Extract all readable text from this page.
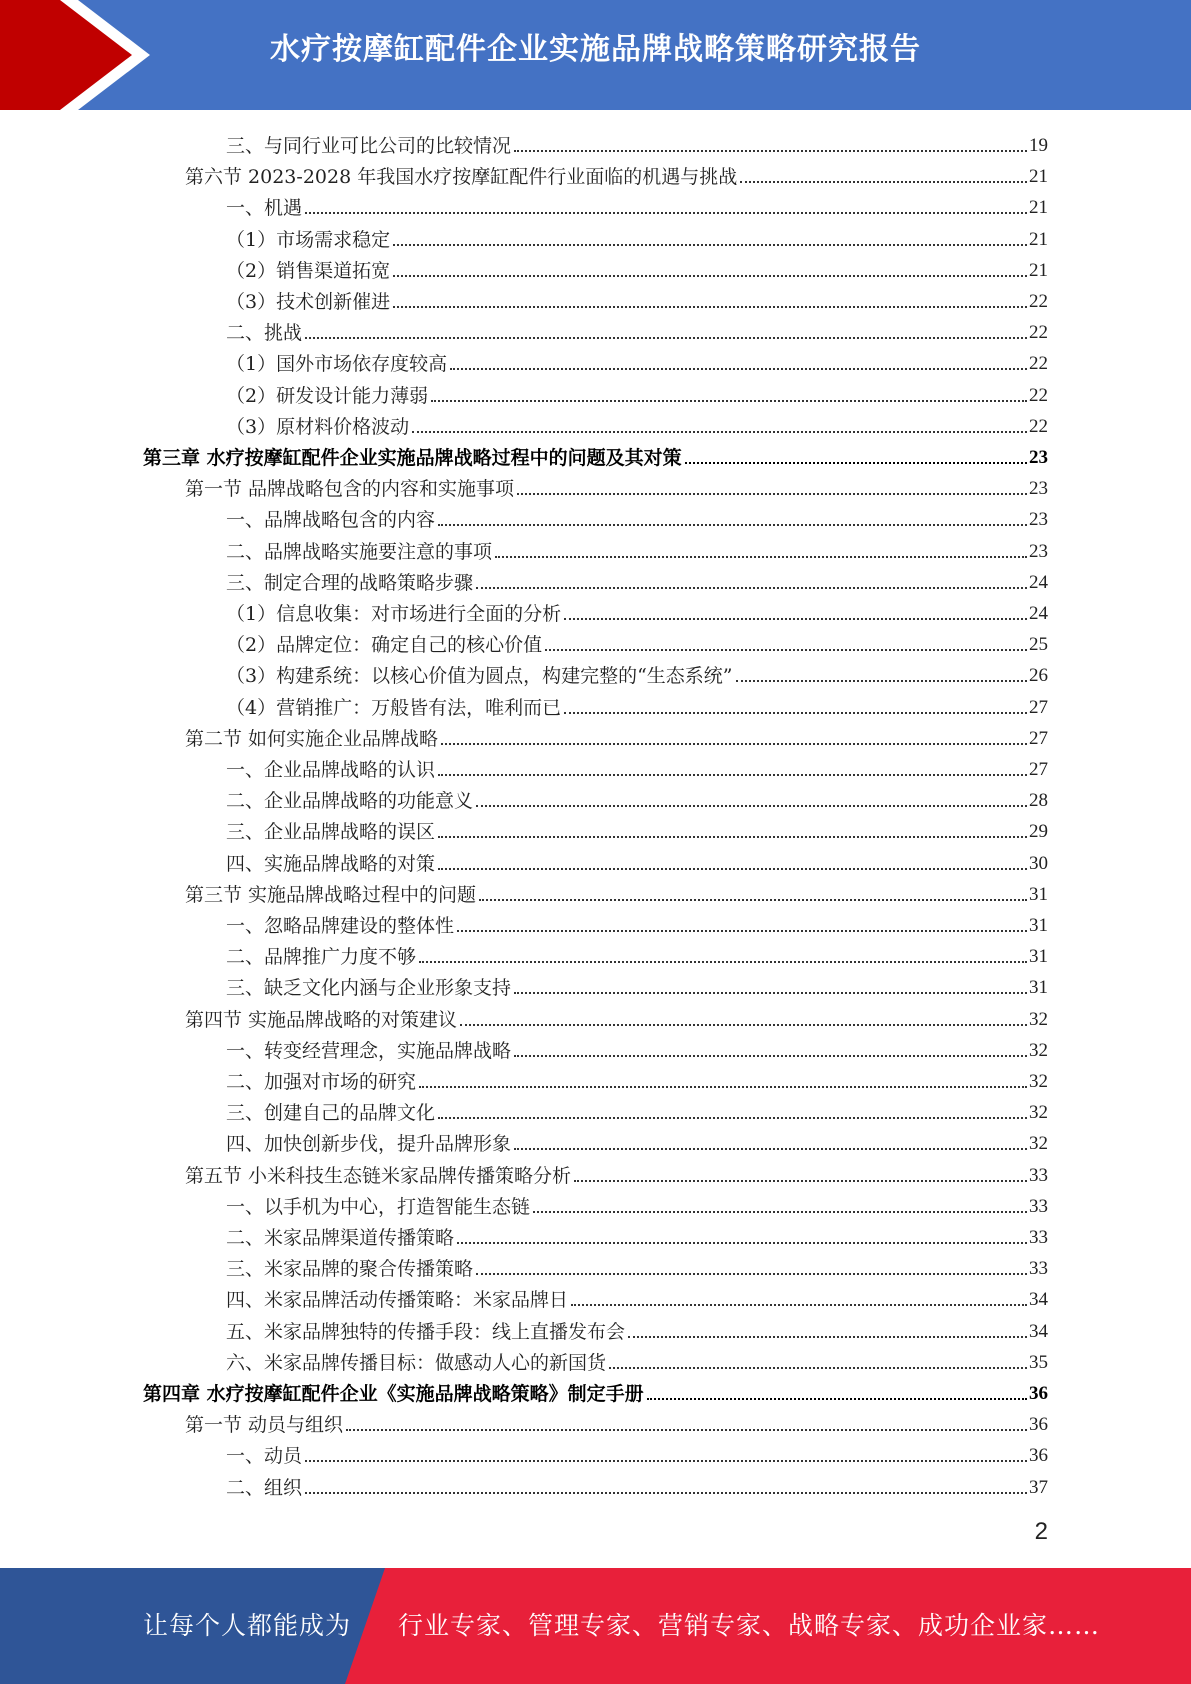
水疗按摩缸配件企业实施品牌战略策略研究报告
三、与同行业可比公司的比较情况	19
第六节 2023-2028 年我国水疗按摩缸配件行业面临的机遇与挑战	21
一、机遇	21
（1）市场需求稳定	21
（2）销售渠道拓宽	21
（3）技术创新催进	22
二、挑战	22
（1）国外市场依存度较高	22
（2）研发设计能力薄弱	22
（3）原材料价格波动	22
第三章 水疗按摩缸配件企业实施品牌战略过程中的问题及其对策	23
第一节 品牌战略包含的内容和实施事项	23
一、品牌战略包含的内容	23
二、品牌战略实施要注意的事项	23
三、制定合理的战略策略步骤	24
（1）信息收集：对市场进行全面的分析	24
（2）品牌定位：确定自己的核心价值	25
（3）构建系统：以核心价值为圆点，构建完整的“生态系统”	26
（4）营销推广：万般皆有法，唯利而已	27
第二节 如何实施企业品牌战略	27
一、企业品牌战略的认识	27
二、企业品牌战略的功能意义	28
三、企业品牌战略的误区	29
四、实施品牌战略的对策	30
第三节 实施品牌战略过程中的问题	31
一、忽略品牌建设的整体性	31
二、品牌推广力度不够	31
三、缺乏文化内涵与企业形象支持	31
第四节 实施品牌战略的对策建议	32
一、转变经营理念，实施品牌战略	32
二、加强对市场的研究	32
三、创建自己的品牌文化	32
四、加快创新步伐，提升品牌形象	32
第五节 小米科技生态链米家品牌传播策略分析	33
一、以手机为中心，打造智能生态链	33
二、米家品牌渠道传播策略	33
三、米家品牌的聚合传播策略	33
四、米家品牌活动传播策略：米家品牌日	34
五、米家品牌独特的传播手段：线上直播发布会	34
六、米家品牌传播目标：做感动人心的新国货	35
第四章 水疗按摩缸配件企业《实施品牌战略策略》制定手册	36
第一节 动员与组织	36
一、动员	36
二、组织	37
2
让每个人都能成为 行业专家、管理专家、营销专家、战略专家、成功企业家……
